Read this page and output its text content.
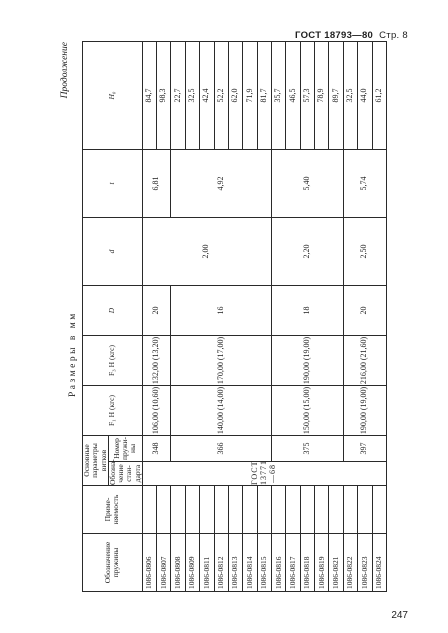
ГОСТ 18793—80 Стр. 8
Продолжение
Размеры в мм
Обозначение пружины	Приме-няемость	Основные параметры витков		F₁ Н (кгс)	F₃ Н (кгс)	D	d	t	H₀
		Обозна-чение стан-дарта	Номер пружи-ны						
1086-0806		ГОСТ 13771—68	348	106,00 (10,60)	132,00 (13,20)	20	2,00	6,81	84,7
1086-0807									98,3
1086-0808			366	140,00 (14,00)	170,00 (17,00)	16		4,92	22,7
1086-0809									32,5
1086-0811									42,4
1086-0812									52,2
1086-0813									62,0
1086-0814									71,9
1086-0815									81,7
1086-0816			375	150,00 (15,00)	190,00 (19,00)	18	2,20	5,40	35,7
1086-0817									46,5
1086-0818									57,3
1086-0819									78,9
1086-0821									89,7
1086-0822			397	190,00 (19,00)	216,00 (21,60)	20	2,50	5,74	32,5
1086-0823									44,0
1086-0824									61,2
247
